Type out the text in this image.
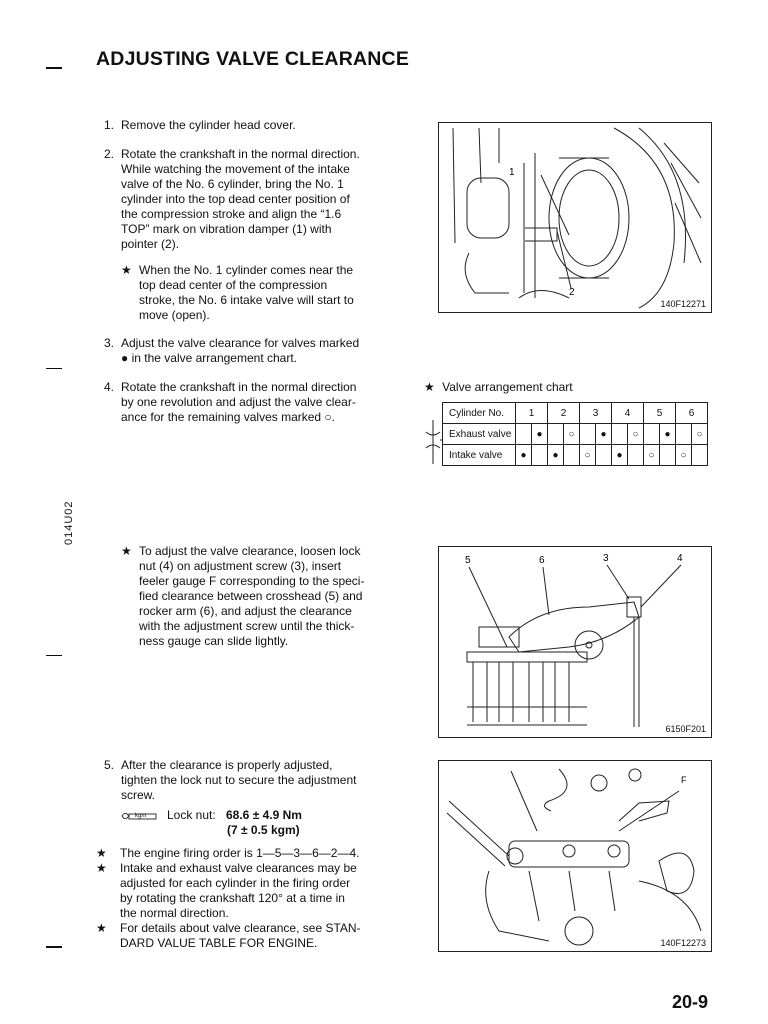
ADJUSTING VALVE CLEARANCE
014U02
1. Remove the cylinder head cover.
2. Rotate the crankshaft in the normal direction.
While watching the movement of the intake
valve of the No. 6 cylinder, bring the No. 1
cylinder into the top dead center position of
the compression stroke and align the “1.6
TOP” mark on vibration damper (1) with
pointer (2).
★ When the No. 1 cylinder comes near the
top dead center of the compression
stroke, the No. 6 intake valve will start to
move (open).
3. Adjust the valve clearance for valves marked
● in the valve arrangement chart.
4. Rotate the crankshaft in the normal direction
by one revolution and adjust the valve clear-
ance for the remaining valves marked ○.
★ To adjust the valve clearance, loosen lock
nut (4) on adjustment screw (3), insert
feeler gauge F corresponding to the speci-
fied clearance between crosshead (5) and
rocker arm (6), and adjust the clearance
with the adjustment screw until the thick-
ness gauge can slide lightly.
5. After the clearance is properly adjusted,
tighten the lock nut to secure the adjustment
screw.
kgm Lock nut: 68.6 ± 4.9 Nm
(7 ± 0.5 kgm)
★ The engine firing order is 1—5—3—6—2—4.
★ Intake and exhaust valve clearances may be
adjusted for each cylinder in the firing order
by rotating the crankshaft 120° at a time in
the normal direction.
★ For details about valve clearance, see STAN-
DARD VALUE TABLE FOR ENGINE.
★ Valve arrangement chart
Cylinder No.	1		2		3		4		5		6	
Exhaust valve		●		○		●		○		●		○
Intake valve	●		●		○		●		○		○	
1
2
140F12271
5	6	3	4
6150F201
F
140F12273
20-9
